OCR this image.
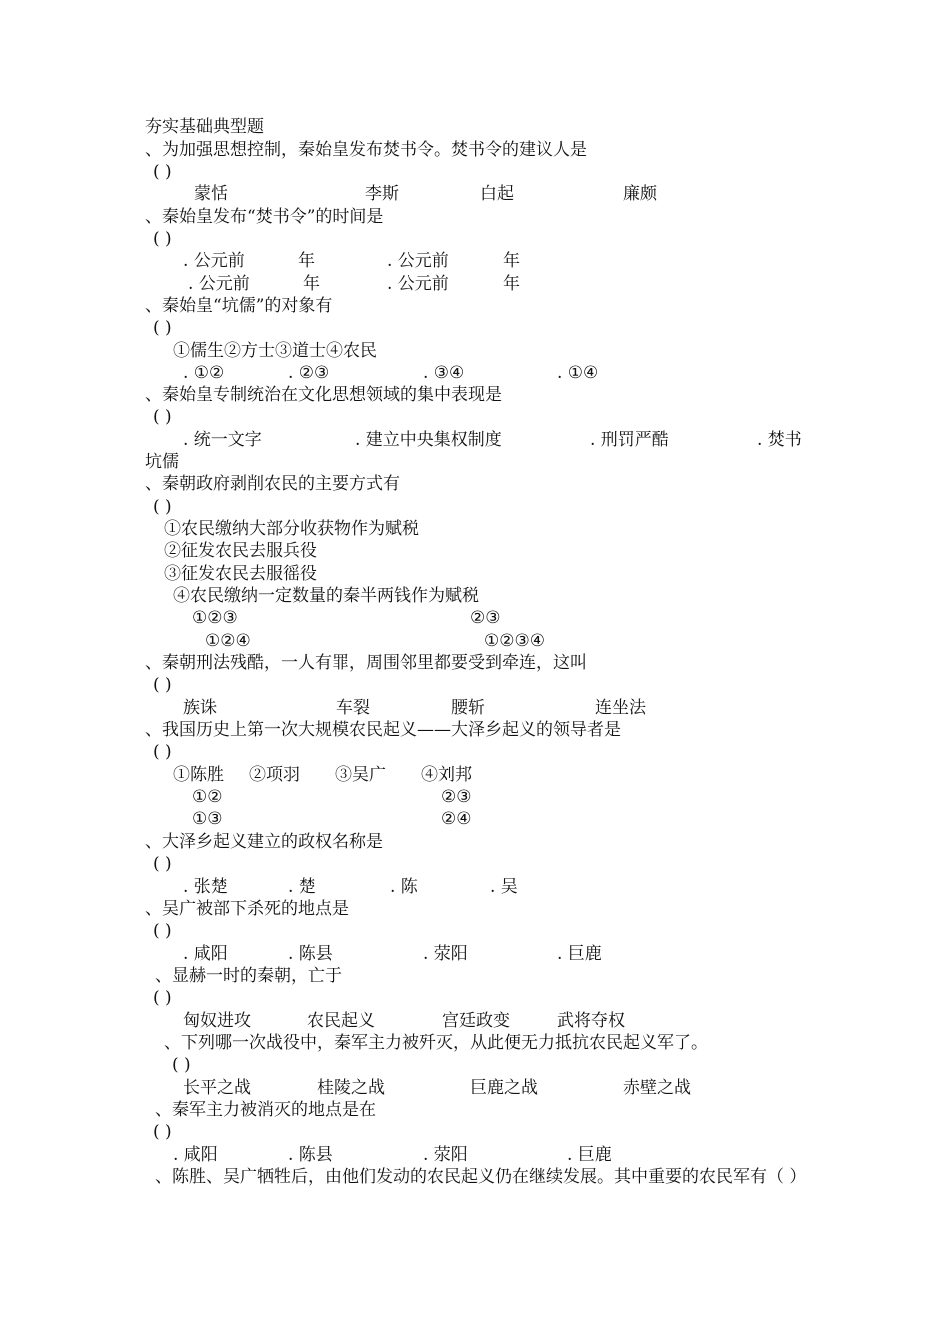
夯实基础典型题
、为加强思想控制，秦始皇发布焚书令。焚书令的建议人是
( )
蒙恬	李斯	白起	廉颇
、秦始皇发布“焚书令”的时间是
( )
. 公元前	年	. 公元前	年
. 公元前	年	. 公元前	年
、秦始皇“坑儒”的对象有
( )
①儒生②方士③道士④农民
. ①②	. ②③	. ③④	. ①④
、秦始皇专制统治在文化思想领域的集中表现是
( )
. 统一文字	. 建立中央集权制度	. 刑罚严酷	. 焚书坑儒
、秦朝政府剥削农民的主要方式有
( )
①农民缴纳大部分收获物作为赋税
②征发农民去服兵役
③征发农民去服徭役
④农民缴纳一定数量的秦半两钱作为赋税
①②③	②③
①②④	①②③④
、秦朝刑法残酷，一人有罪，周围邻里都要受到牵连，这叫
( )
族诛	车裂	腰斩	连坐法
、我国历史上第一次大规模农民起义——大泽乡起义的领导者是
( )
①陈胜 ②项羽 ③吴广 ④刘邦
①②	②③
①③	②④
、大泽乡起义建立的政权名称是
( )
. 张楚	. 楚	. 陈	. 吴
、吴广被部下杀死的地点是
( )
. 咸阳	. 陈县	. 荥阳	. 巨鹿
、显赫一时的秦朝，亡于
( )
匈奴进攻	农民起义	宫廷政变	武将夺权
、下列哪一次战役中，秦军主力被歼灭，从此便无力抵抗农民起义军了。
( )
长平之战	桂陵之战	巨鹿之战	赤壁之战
、秦军主力被消灭的地点是在
( )
. 咸阳	. 陈县	. 荥阳	. 巨鹿
、陈胜、吴广牺牲后，由他们发动的农民起义仍在继续发展。其中重要的农民军有（ ）
